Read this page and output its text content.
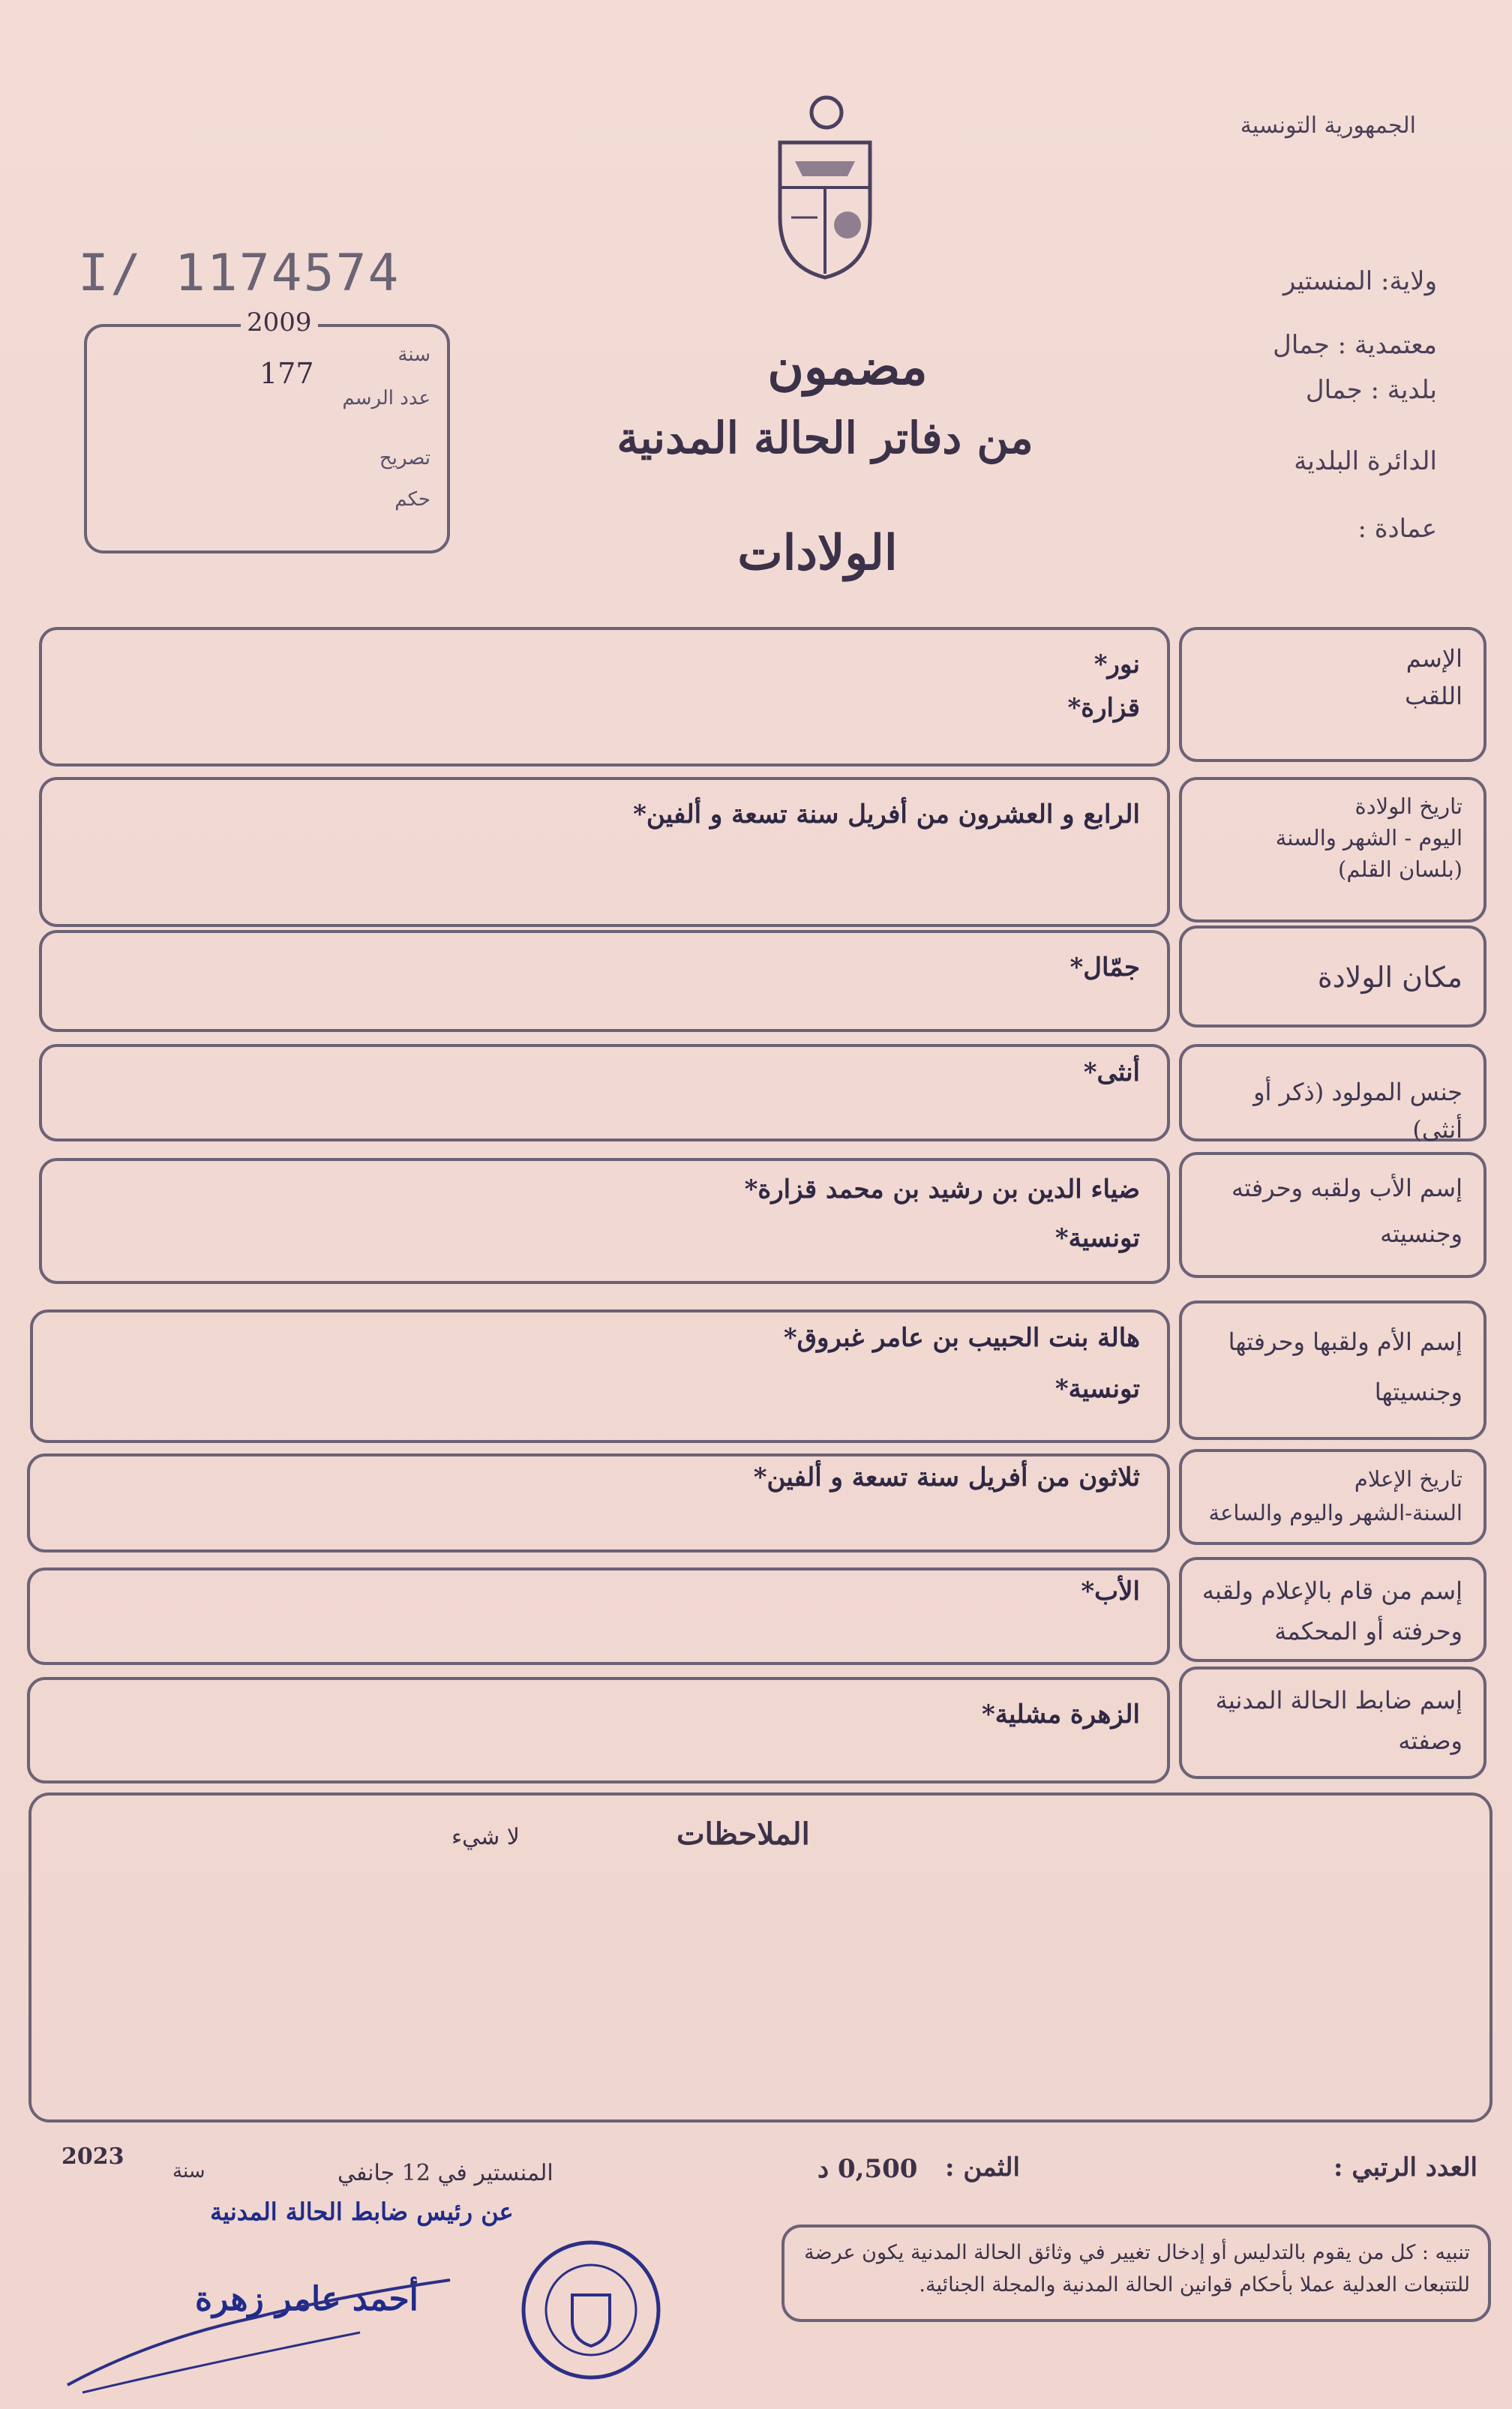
الجمهورية التونسية
ولاية: المنستير
معتمدية : جمال
بلدية : جمال
الدائرة البلدية
عمادة :
I/ 1174574
2009
177
سنة
عدد الرسم
تصريح
حكم
مضمون
من دفاتر الحالة المدنية
الولادات
الإسم
اللقب
نور*
قزارة*
تاريخ الولادة
اليوم - الشهر والسنة
(بلسان القلم)
الرابع و العشرون من أفريل سنة تسعة و ألفين*
مكان الولادة
جمّال*
جنس المولود (ذكر أو أنثى)
أنثى*
إسم الأب ولقبه وحرفته
وجنسيته
ضياء الدين بن رشيد بن محمد قزارة*
تونسية*
إسم الأم ولقبها وحرفتها
وجنسيتها
هالة بنت الحبيب بن عامر غبروق*
تونسية*
تاريخ الإعلام
السنة-الشهر واليوم والساعة
ثلاثون من أفريل سنة تسعة و ألفين*
إسم من قام بالإعلام ولقبه
وحرفته أو المحكمة
الأب*
إسم ضابط الحالة المدنية
وصفته
الزهرة مشلية*
الملاحظات
لا شيء
العدد الرتبي :
الثمن :
0,500 د
المنستير في 12 جانفي
سنة
2023
تنبيه : كل من يقوم بالتدليس أو إدخال تغيير في وثائق الحالة المدنية يكون عرضة للتتبعات العدلية عملا بأحكام قوانين الحالة المدنية والمجلة الجنائية.
عن رئيس ضابط الحالة المدنية
أحمد عامر زهرة
